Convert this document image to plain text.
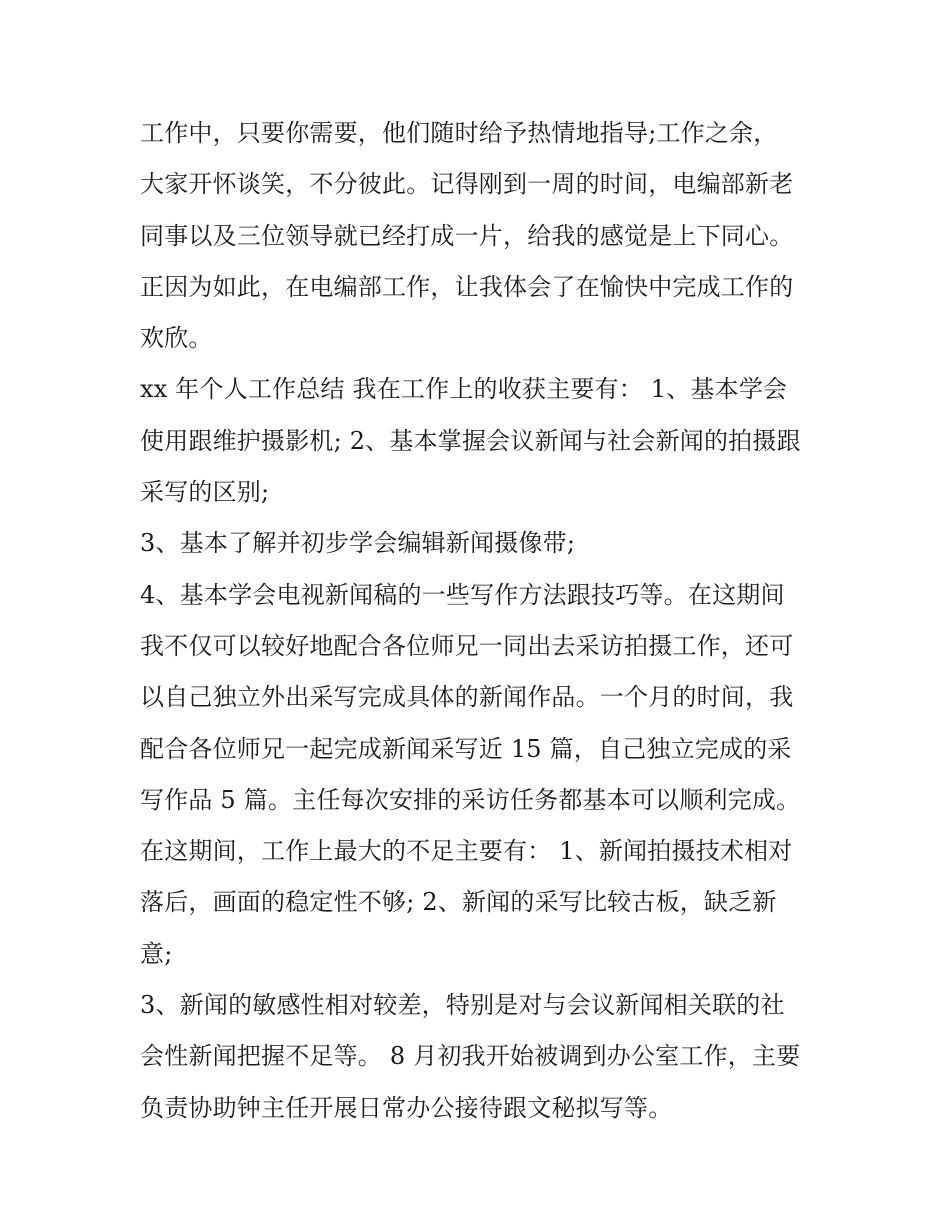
工作中，只要你需要，他们随时给予热情地指导;工作之余，
大家开怀谈笑，不分彼此。记得刚到一周的时间，电编部新老
同事以及三位领导就已经打成一片，给我的感觉是上下同心。
正因为如此，在电编部工作，让我体会了在愉快中完成工作的
欢欣。
xx 年个人工作总结 我在工作上的收获主要有： 1、基本学会
使用跟维护摄影机; 2、基本掌握会议新闻与社会新闻的拍摄跟
采写的区别;
3、基本了解并初步学会编辑新闻摄像带;
4、基本学会电视新闻稿的一些写作方法跟技巧等。在这期间
我不仅可以较好地配合各位师兄一同出去采访拍摄工作，还可
以自己独立外出采写完成具体的新闻作品。一个月的时间，我
配合各位师兄一起完成新闻采写近 15 篇，自己独立完成的采
写作品 5 篇。主任每次安排的采访任务都基本可以顺利完成。
在这期间，工作上最大的不足主要有： 1、新闻拍摄技术相对
落后，画面的稳定性不够; 2、新闻的采写比较古板，缺乏新
意;
3、新闻的敏感性相对较差，特别是对与会议新闻相关联的社
会性新闻把握不足等。 8 月初我开始被调到办公室工作，主要
负责协助钟主任开展日常办公接待跟文秘拟写等。
